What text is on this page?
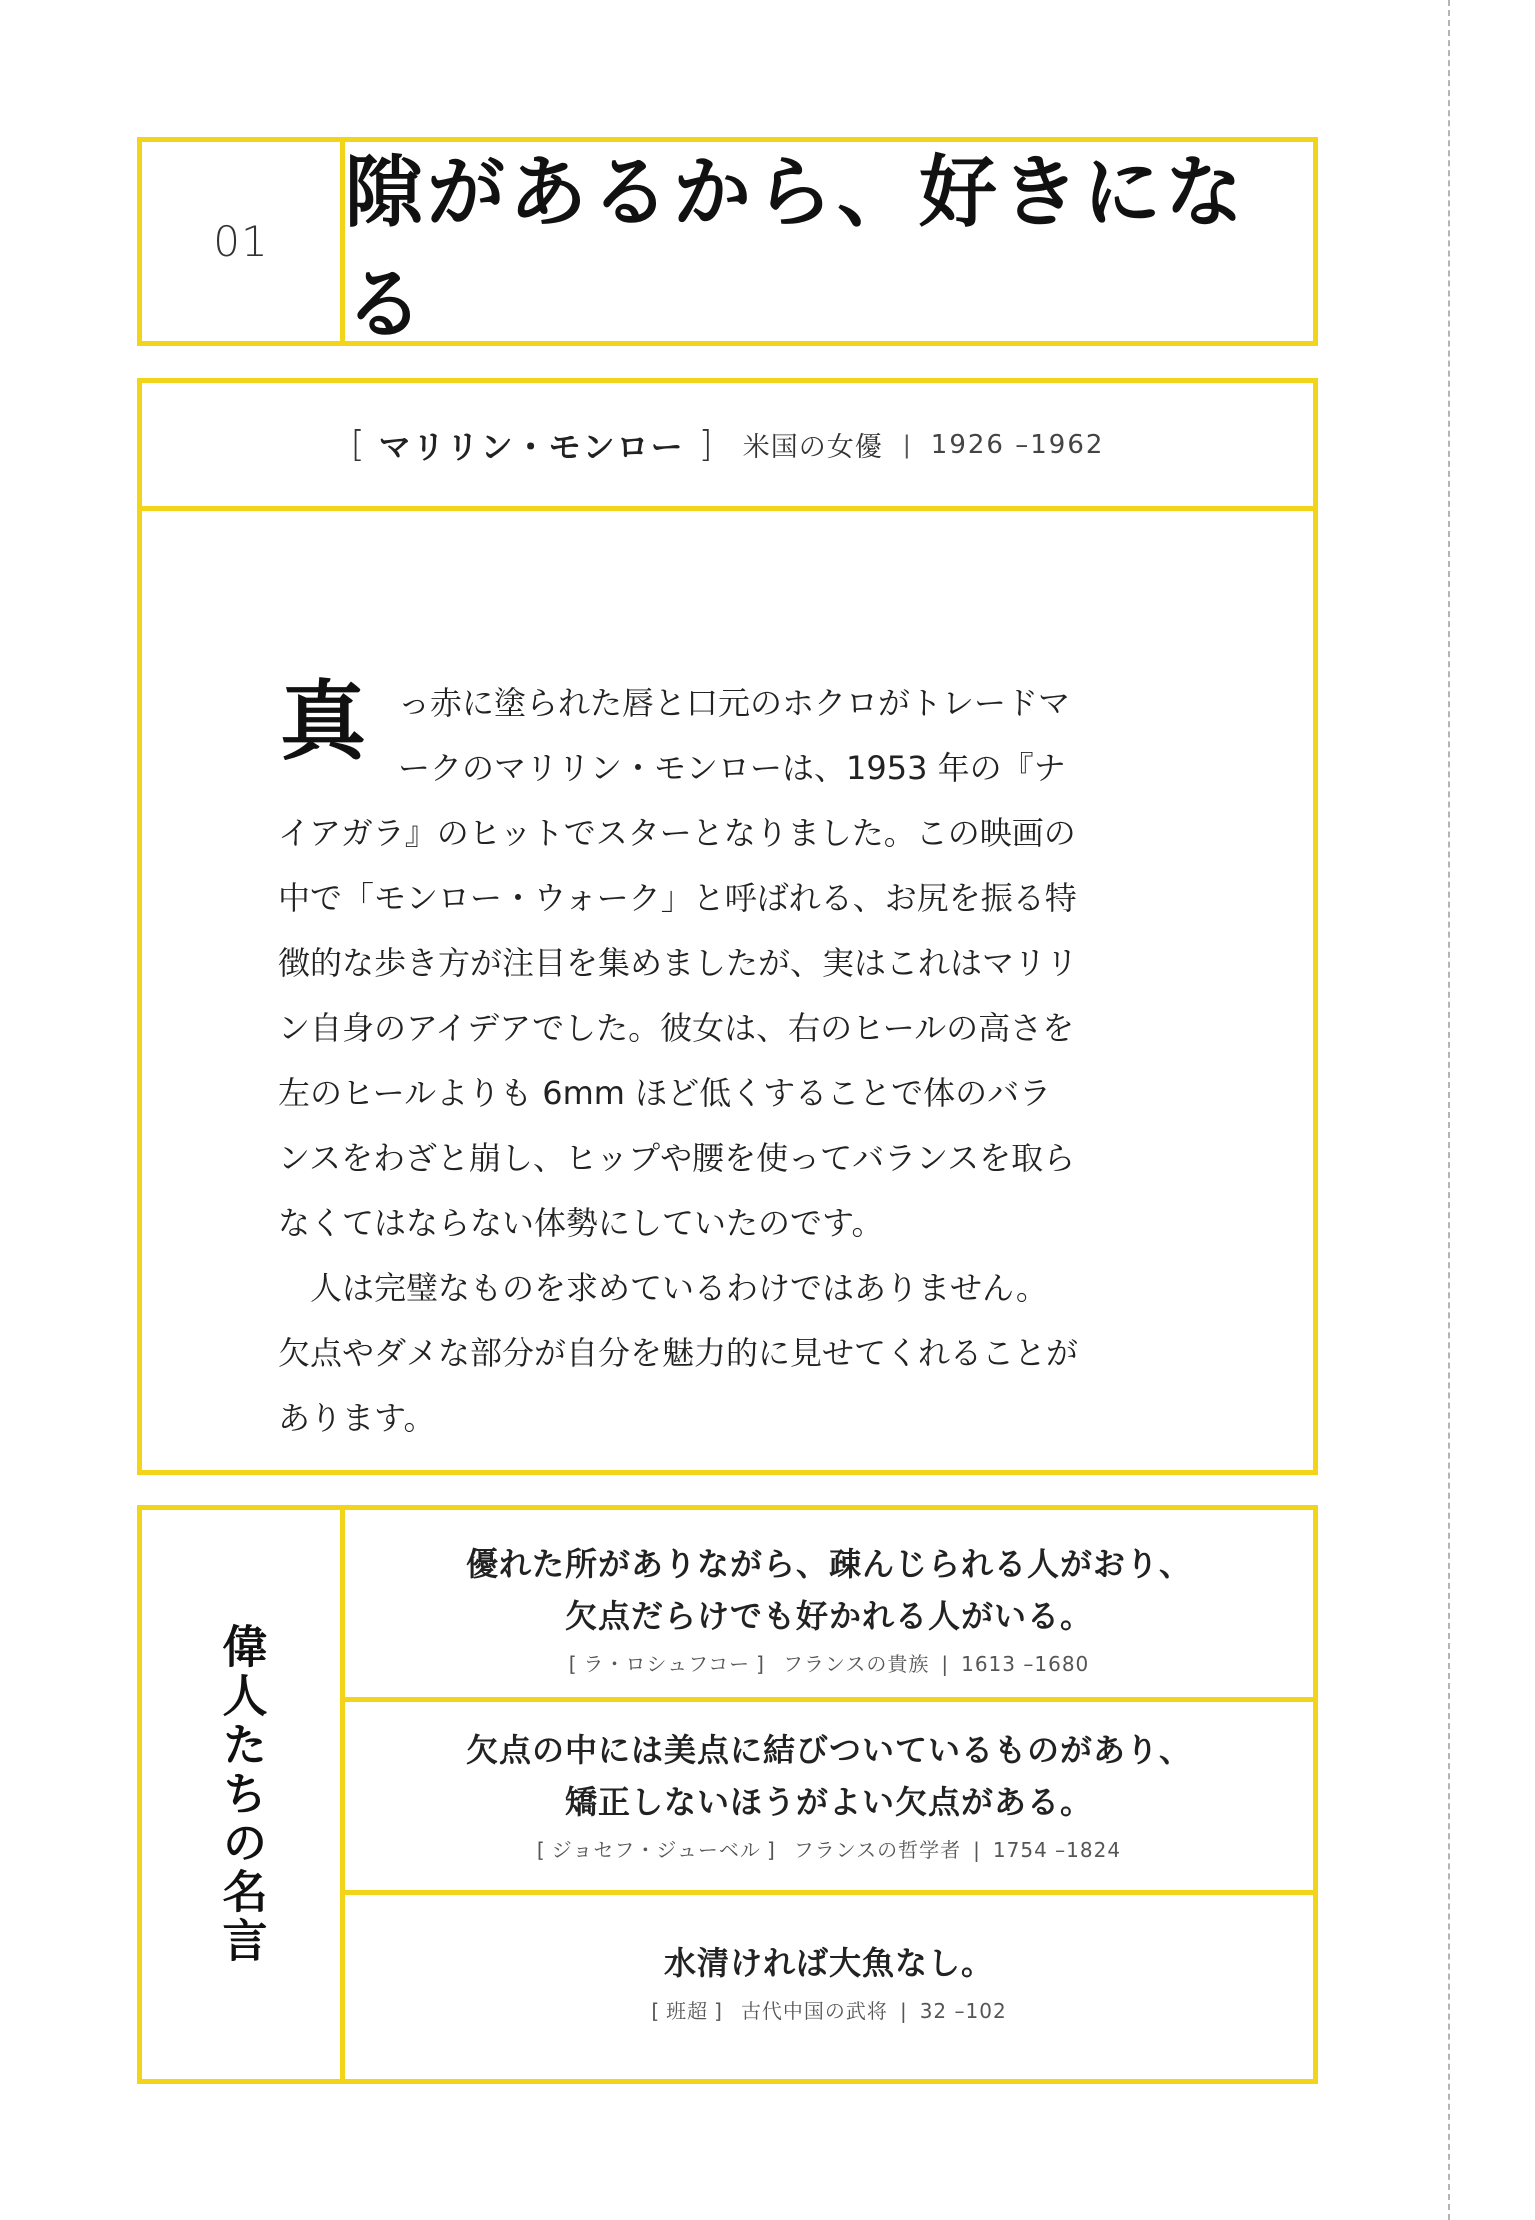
01
隙があるから、好きになる
[ マリリン・モンロー ] 米国の女優 | 1926 –1962

真 っ赤に塗られた唇と口元のホクロがトレードマークのマリリン・モンローは、1953 年の『ナイアガラ』のヒットでスターとなりました。この映画の中で「モンロー・ウォーク」と呼ばれる、お尻を振る特徴的な歩き方が注目を集めましたが、実はこれはマリリン自身のアイデアでした。彼女は、右のヒールの高さを左のヒールよりも 6mm ほど低くすることで体のバランスをわざと崩し、ヒップや腰を使ってバランスを取らなくてはならない体勢にしていたのです。

人は完璧なものを求めているわけではありません。欠点やダメな部分が自分を魅力的に見せてくれることがあります。

偉人たちの名言
優れた所がありながら、疎んじられる人がおり、
欠点だらけでも好かれる人がいる。
[ ラ・ロシュフコー ] フランスの貴族 | 1613 –1680
欠点の中には美点に結びついているものがあり、
矯正しないほうがよい欠点がある。
[ ジョセフ・ジューベル ] フランスの哲学者 | 1754 –1824
水清ければ大魚なし。
[ 班超 ] 古代中国の武将 | 32 –102
